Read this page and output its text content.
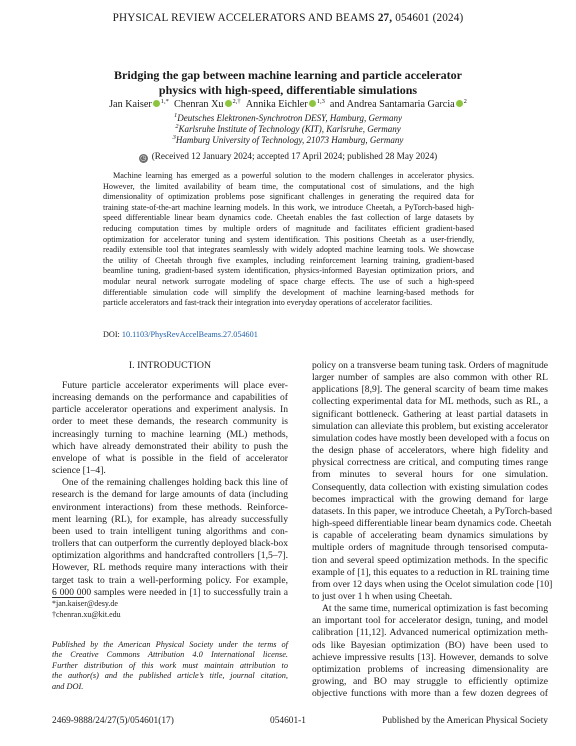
PHYSICAL REVIEW ACCELERATORS AND BEAMS 27, 054601 (2024)
Bridging the gap between machine learning and particle accelerator
physics with high-speed, differentiable simulations
Jan Kaiser $^{1,*}$ Chenran Xu $^{2,\dagger}$ Annika Eichler $^{1,3}$ and Andrea Santamaria Garcia $^2$
$^1$Deutsches Elektronen-Synchrotron DESY, Hamburg, Germany
$^2$Karlsruhe Institute of Technology (KIT), Karlsruhe, Germany
$^3$Hamburg University of Technology, 21073 Hamburg, Germany
◷ (Received 12 January 2024; accepted 17 April 2024; published 28 May 2024)
Machine learning has emerged as a powerful solution to the modern challenges in accelerator physics.
However, the limited availability of beam time, the computational cost of simulations, and the high
dimensionality of optimization problems pose significant challenges in generating the required data for
training state-of-the-art machine learning models. In this work, we introduce Cheetah, a PyTorch-based high-
speed differentiable linear beam dynamics code. Cheetah enables the fast collection of large datasets by
reducing computation times by multiple orders of magnitude and facilitates efficient gradient-based
optimization for accelerator tuning and system identification. This positions Cheetah as a user-friendly,
readily extensible tool that integrates seamlessly with widely adopted machine learning tools. We showcase
the utility of Cheetah through five examples, including reinforcement learning training, gradient-based
beamline tuning, gradient-based system identification, physics-informed Bayesian optimization priors, and
modular neural network surrogate modeling of space charge effects. The use of such a high-speed
differentiable simulation code will simplify the development of machine learning-based methods for
particle accelerators and fast-track their integration into everyday operations of accelerator facilities.
DOI: 10.1103/PhysRevAccelBeams.27.054601
I. INTRODUCTION
Future particle accelerator experiments will place ever-
increasing demands on the performance and capabilities of
particle accelerator operations and experiment analysis. In
order to meet these demands, the research community is
increasingly turning to machine learning (ML) methods,
which have already demonstrated their ability to push the
envelope of what is possible in the field of accelerator
science [1–4].
One of the remaining challenges holding back this line of
research is the demand for large amounts of data (including
environment interactions) from these methods. Reinforce-
ment learning (RL), for example, has already successfully
been used to train intelligent tuning algorithms and con-
trollers that can outperform the currently deployed black-box
optimization algorithms and handcrafted controllers [1,5–7].
However, RL methods require many interactions with their
target task to train a well-performing policy. For example,
6 000 000 samples were needed in [1] to successfully train a
policy on a transverse beam tuning task. Orders of magnitude
larger number of samples are also common with other RL
applications [8,9]. The general scarcity of beam time makes
collecting experimental data for ML methods, such as RL, a
significant bottleneck. Gathering at least partial datasets in
simulation can alleviate this problem, but existing accelerator
simulation codes have mostly been developed with a focus on
the design phase of accelerators, where high fidelity and
physical correctness are critical, and computing times range
from minutes to several hours for one simulation.
Consequently, data collection with existing simulation codes
becomes impractical with the growing demand for large
datasets. In this paper, we introduce Cheetah, a PyTorch-based
high-speed differentiable linear beam dynamics code. Cheetah
is capable of accelerating beam dynamics simulations by
multiple orders of magnitude through tensorised computa-
tion and several speed optimization methods. In the specific
example of [1], this equates to a reduction in RL training time
from over 12 days when using the Ocelot simulation code [10]
to just over 1 h when using Cheetah.
At the same time, numerical optimization is fast becoming
an important tool for accelerator design, tuning, and model
calibration [11,12]. Advanced numerical optimization meth-
ods like Bayesian optimization (BO) have been used to
achieve impressive results [13]. However, demands to solve
optimization problems of increasing dimensionality are
growing, and BO may struggle to efficiently optimize
objective functions with more than a few dozen degrees of
*jan.kaiser@desy.de
†chenran.xu@kit.edu
Published by the American Physical Society under the terms of
the Creative Commons Attribution 4.0 International license.
Further distribution of this work must maintain attribution to
the author(s) and the published article’s title, journal citation,
and DOI.
2469-9888/24/27(5)/054601(17)	054601-1	Published by the American Physical Society
